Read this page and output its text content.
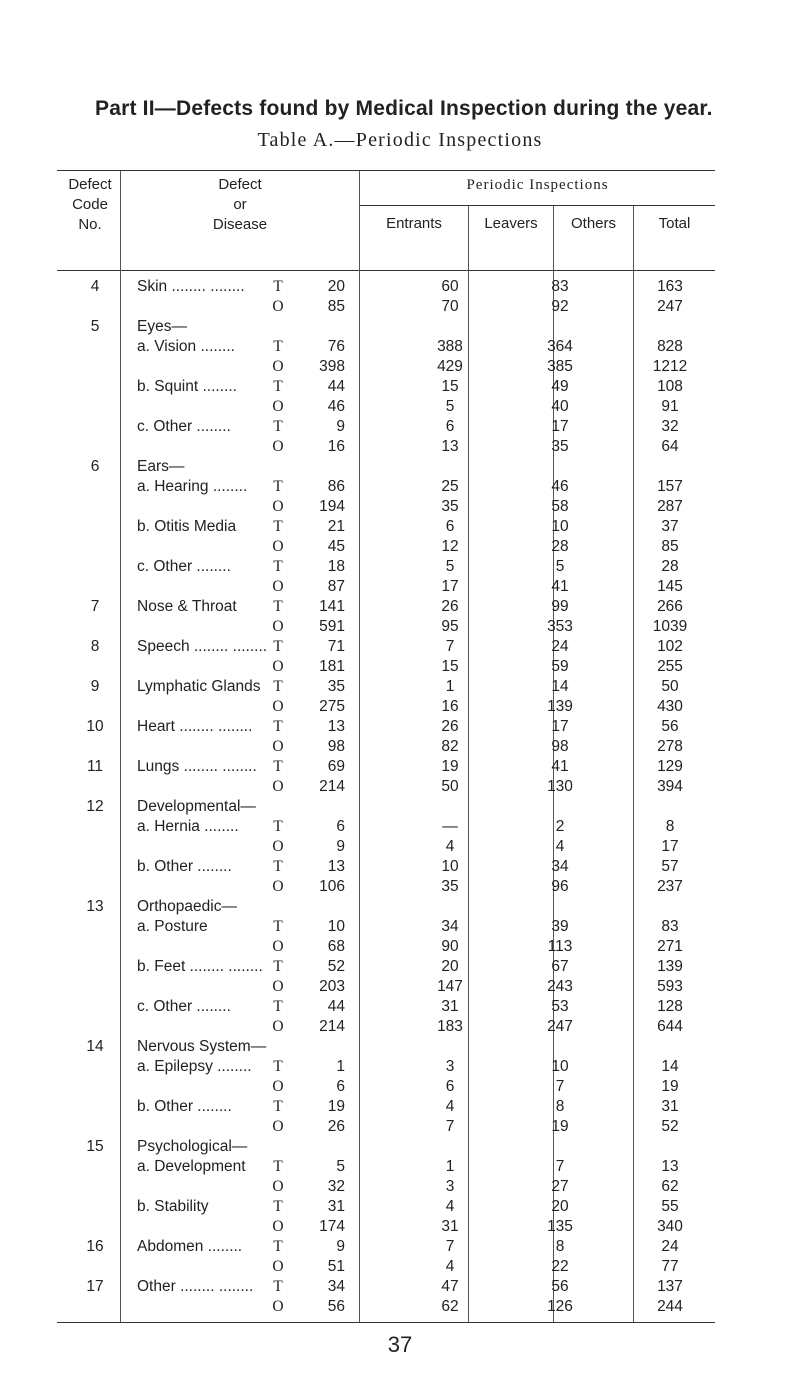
Part II—Defects found by Medical Inspection during the year.
Table A.—Periodic Inspections
Defect
Code
No.
Defect
or
Disease
Periodic Inspections
Entrants	Leavers	Others	Total
4	Skin ........ ........ T	20	60	83	163
O	85	70	92	247
5	Eyes—
a. Vision ........ T	76	388	364	828
O	398	429	385	1212
b. Squint ........ T	44	15	49	108
O	46	5	40	91
c. Other ........	T	9	6	17	32
O	16	13	35	64
6	Ears—
a. Hearing ........ T	86	25	46	157
O	194	35	58	287
b. Otitis Media T	21	6	10	37
O	45	12	28	85
c. Other ........	T	18	5	5	28
O	87	17	41	145
7	Nose & Throat T	141	26	99	266
O	591	95	353	1039
8	Speech ........ ........ T	71	7	24	102
O	181	15	59	255
9	Lymphatic Glands T	35	1	14	50
O	275	16	139	430
10	Heart ........ ........ T	13	26	17	56
O	98	82	98	278
11	Lungs ........ ........ T	69	19	41	129
O	214	50	130	394
12	Developmental—
a. Hernia ........ T	6	—	2	8
O	9	4	4	17
b. Other ........	T	13	10	34	57
O	106	35	96	237
13	Orthopaedic—
a. Posture	T	10	34	39	83
O	68	90	113	271
b. Feet ........ ........ T	52	20	67	139
O	203	147	243	593
c. Other ........	T	44	31	53	128
O	214	183	247	644
14	Nervous System—
a. Epilepsy ........ T	1	3	10	14
O	6	6	7	19
b. Other ........	T	19	4	8	31
O	26	7	19	52
15	Psychological—
a. Development T	5	1	7	13
O	32	3	27	62
b. Stability	T	31	4	20	55
O	174	31	135	340
16	Abdomen ........ T	9	7	8	24
O	51	4	22	77
17	Other ........ ........ T	34	47	56	137
O	56	62	126	244
37
